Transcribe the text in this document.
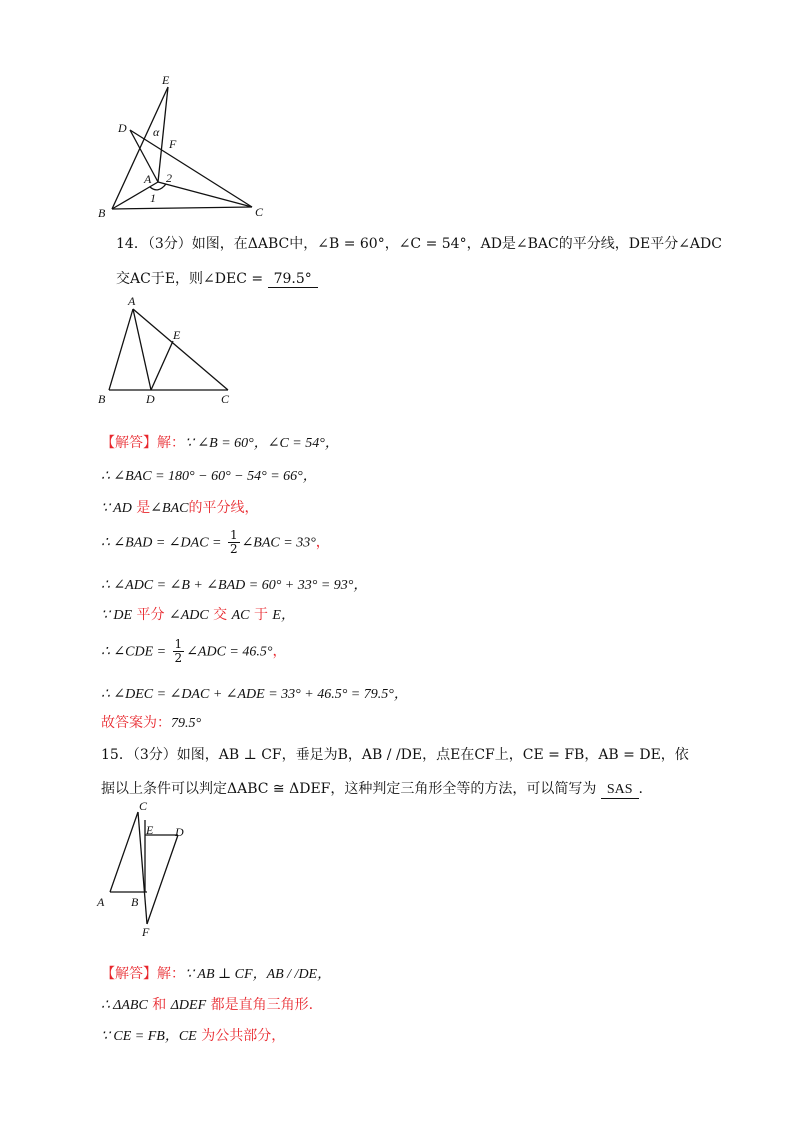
E
D α
F
A 2
1
B	C
14．（3分）如图，在ΔABC中，∠B = 60°，∠C = 54°，AD是∠BAC的平分线，DE平分∠ADC
交AC于E，则∠DEC = 79.5°
A
E
B	D	C
【解答】解：∵ ∠B = 60°，∠C = 54°，
∴ ∠BAC = 180° − 60° − 54° = 66°，
∵ AD 是∠BAC的平分线，
∴ ∠BAD = ∠DAC = $\frac{1}{2}$ ∠BAC = 33°，
∴ ∠ADC = ∠B + ∠BAD = 60° + 33° = 93°，
∵ DE 平分 ∠ADC 交 AC 于 E，
∴ ∠CDE = $\frac{1}{2}$ ∠ADC = 46.5°，
∴ ∠DEC = ∠DAC + ∠ADE = 33° + 46.5° = 79.5°，
故答案为：79.5°
15．（3分）如图，AB ⊥ CF，垂足为B，AB / /DE，点E在CF上，CE = FB，AB = DE，依
据以上条件可以判定ΔABC ≅ ΔDEF，这种判定三角形全等的方法，可以简写为 SAS .
C
E D
A B
F
【解答】解：∵ AB ⊥ CF，AB / /DE，
∴ ΔABC 和 ΔDEF 都是直角三角形.
∵ CE = FB，CE 为公共部分，
